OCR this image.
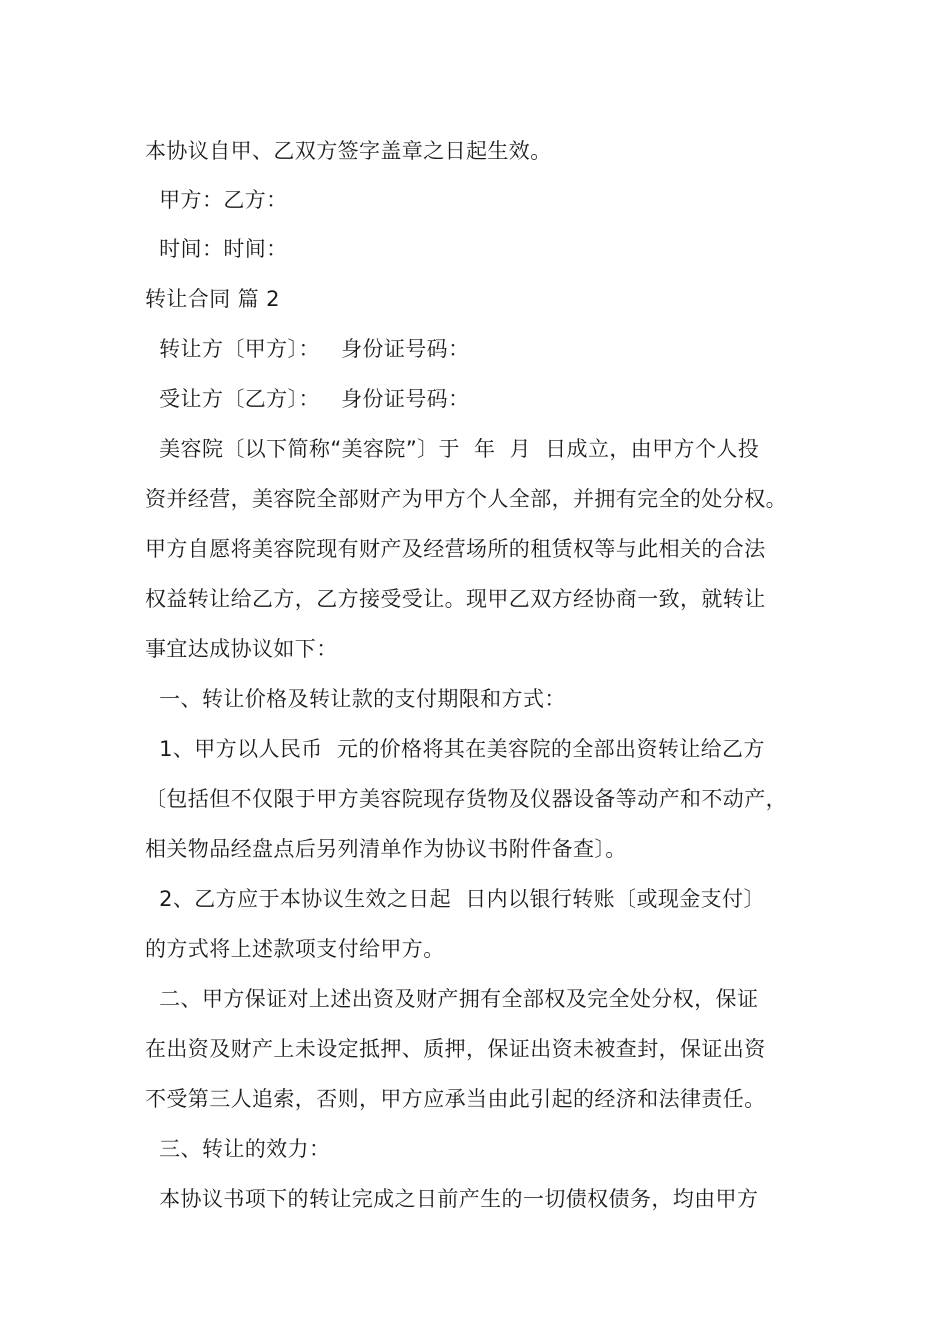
本协议自甲、乙双方签字盖章之日起生效。
甲方：乙方：
时间：时间：
转让合同 篇 2
转让方〔甲方〕：   身份证号码：
受让方〔乙方〕：   身份证号码：
美容院〔以下简称“美容院”〕于  年  月  日成立，由甲方个人投
资并经营，美容院全部财产为甲方个人全部，并拥有完全的处分权。
甲方自愿将美容院现有财产及经营场所的租赁权等与此相关的合法
权益转让给乙方，乙方接受受让。现甲乙双方经协商一致，就转让
事宜达成协议如下：
一、转让价格及转让款的支付期限和方式：
1、甲方以人民币  元的价格将其在美容院的全部出资转让给乙方
〔包括但不仅限于甲方美容院现存货物及仪器设备等动产和不动产，
相关物品经盘点后另列清单作为协议书附件备查〕。
2、乙方应于本协议生效之日起  日内以银行转账〔或现金支付〕
的方式将上述款项支付给甲方。
二、甲方保证对上述出资及财产拥有全部权及完全处分权，保证
在出资及财产上未设定抵押、质押，保证出资未被查封，保证出资
不受第三人追索，否则，甲方应承当由此引起的经济和法律责任。
三、转让的效力：
本协议书项下的转让完成之日前产生的一切债权债务，均由甲方
